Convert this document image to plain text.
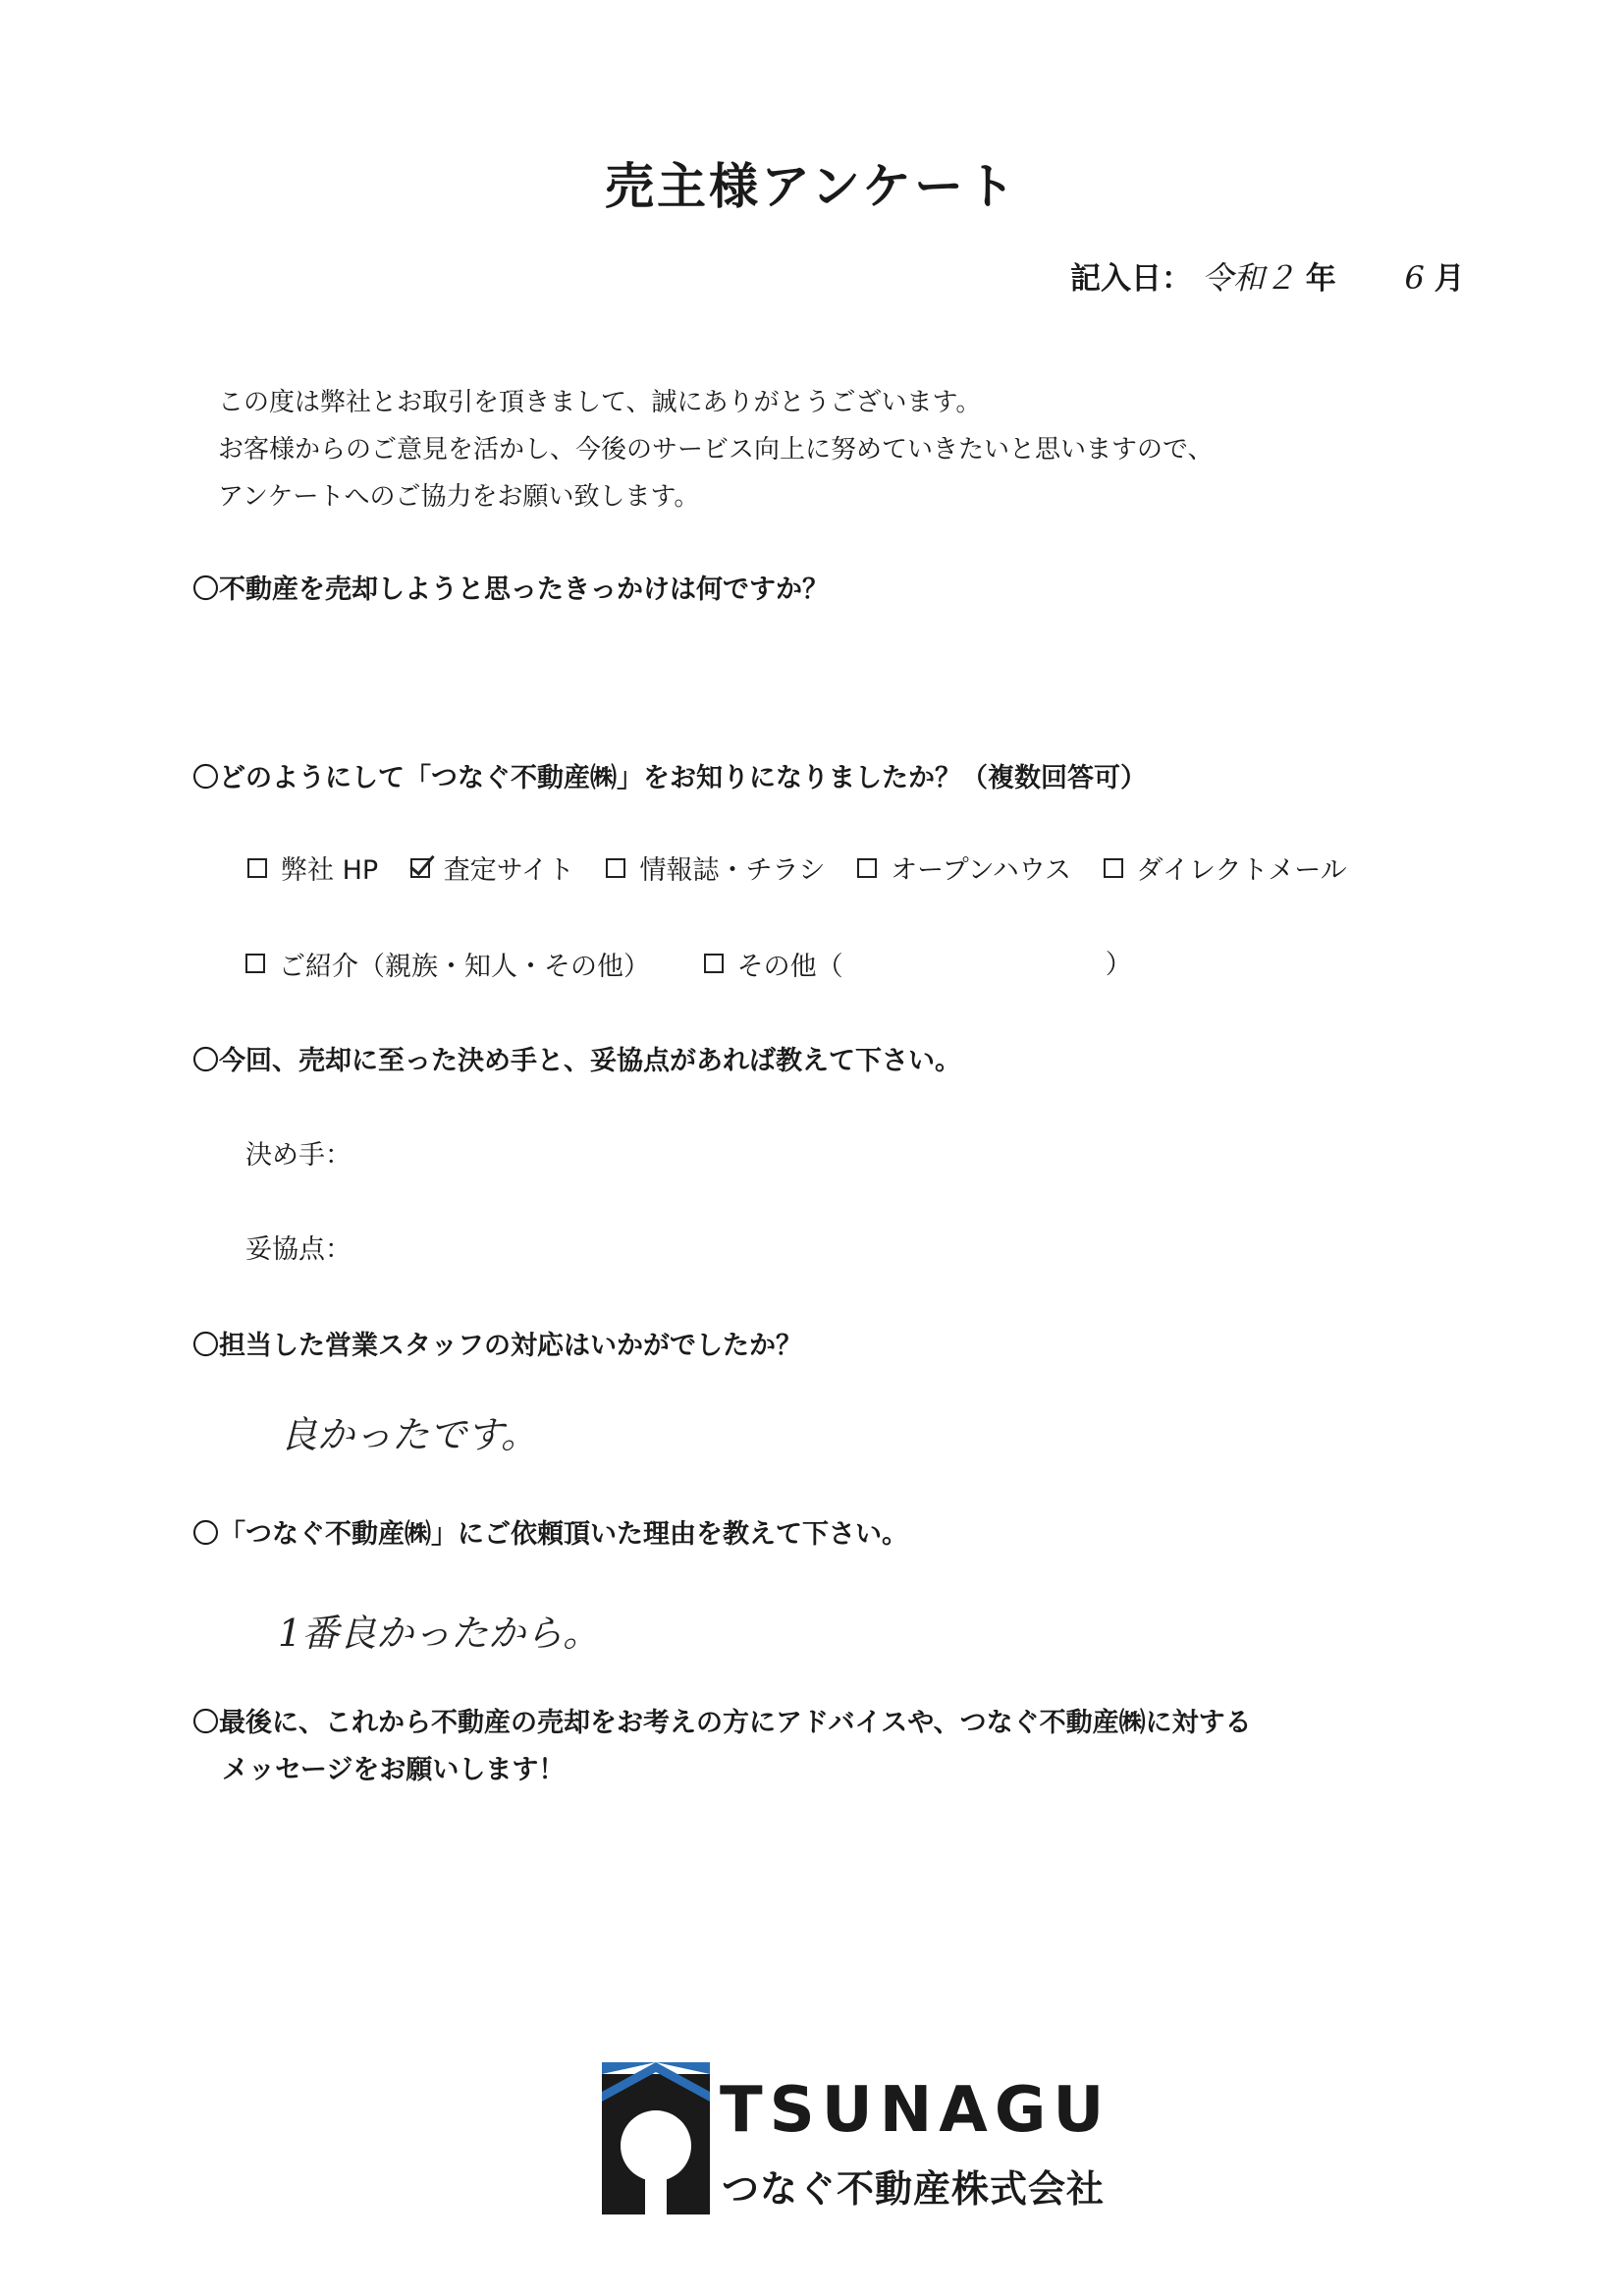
売主様アンケート
記入日： 令和２ 年 6 月
この度は弊社とお取引を頂きまして、誠にありがとうございます。
お客様からのご意見を活かし、今後のサービス向上に努めていきたいと思いますので、
アンケートへのご協力をお願い致します。
〇不動産を売却しようと思ったきっかけは何ですか？
〇どのようにして「つなぐ不動産㈱」をお知りになりましたか？（複数回答可）
弊社 HP
査定サイト
情報誌・チラシ
オープンハウス
ダイレクトメール
ご紹介（親族・知人・その他）
	その他（	）
〇今回、売却に至った決め手と、妥協点があれば教えて下さい。
決め手：
妥協点：
〇担当した営業スタッフの対応はいかがでしたか？
良かったです。
〇「つなぐ不動産㈱」にご依頼頂いた理由を教えて下さい。
1番良かったから。
〇最後に、これから不動産の売却をお考えの方にアドバイスや、つなぐ不動産㈱に対する
メッセージをお願いします！
TSUNAGU
つなぐ不動産株式会社
